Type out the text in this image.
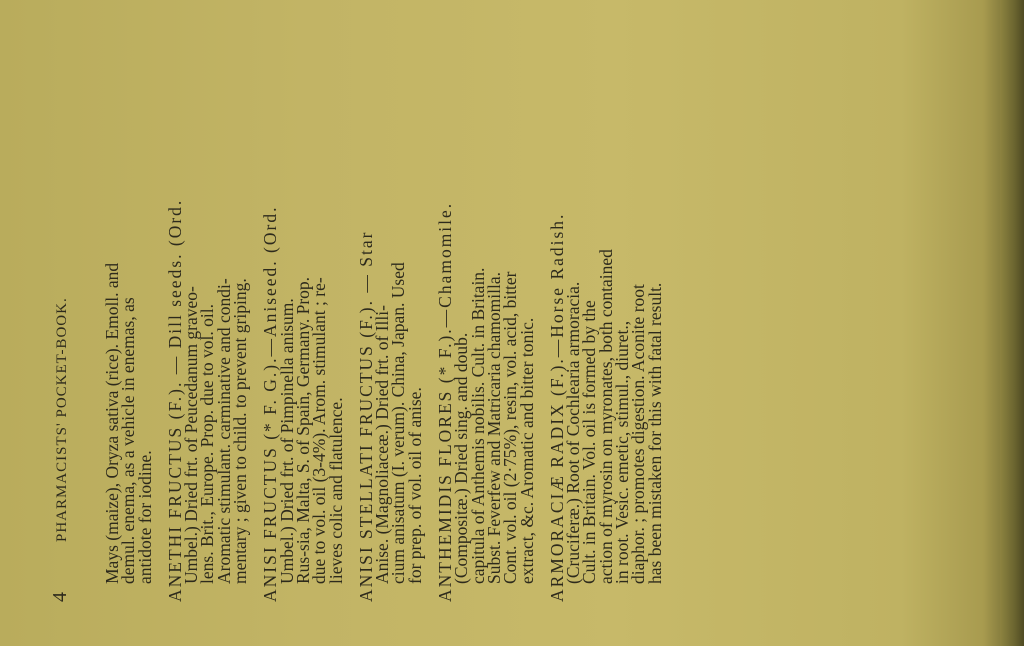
4
PHARMACISTS' POCKET-BOOK. Mays (maize), Oryza sativa (rice). Emoll. and
demul. enema, as a vehicle in enemas, as
antidote for iodine. ANETHI FRUCTUS (F.). — Dill seeds. (Ord.
Umbel.) Dried frt. of Peucedanum graveo-
lens. Brit., Europe. Prop. due to vol. oil.
Aromatic stimulant. carminative and condi-
mentary ; given to child. to prevent griping. ANISI FRUCTUS (* F. G.).—Aniseed. (Ord.
Umbel.) Dried frt. of Pimpinella anisum.
Rus-sia, Malta, S. of Spain, Germany. Prop.
due to vol. oil (3-4%). Arom. stimulant ; re-
lieves colic and flatulence. ANISI STELLATI FRUCTUS (F.). — Star
Anise. (Magnoliaceæ.) Dried frt. of Illi-
cium anisatum (I. verum). China, Japan. Used
for prep. of vol. oil of anise. ANTHEMIDIS FLORES (* F.).—Chamomile.
(Compositæ.) Dried sing. and doub.
capitula of Anthemis nobilis. Cult. in Britain.
Subst. Feverfew and Matricaria chamomilla.
Cont. vol. oil (2·75%), resin, vol. acid, bitter
extract, &c. Aromatic and bitter tonic. ARMORACIÆ RADIX (F.).—Horse Radish.
(Cruciferæ.) Root of Cochlearia armoracia.
Cult. in Britain. Vol. oil is formed by the
action of myrosin on myronates, both contained
in root. Vesic. emetic, stimul., diuret.,
diaphor. ; promotes digestion. Aconite root
has been mistaken for this with fatal result.
